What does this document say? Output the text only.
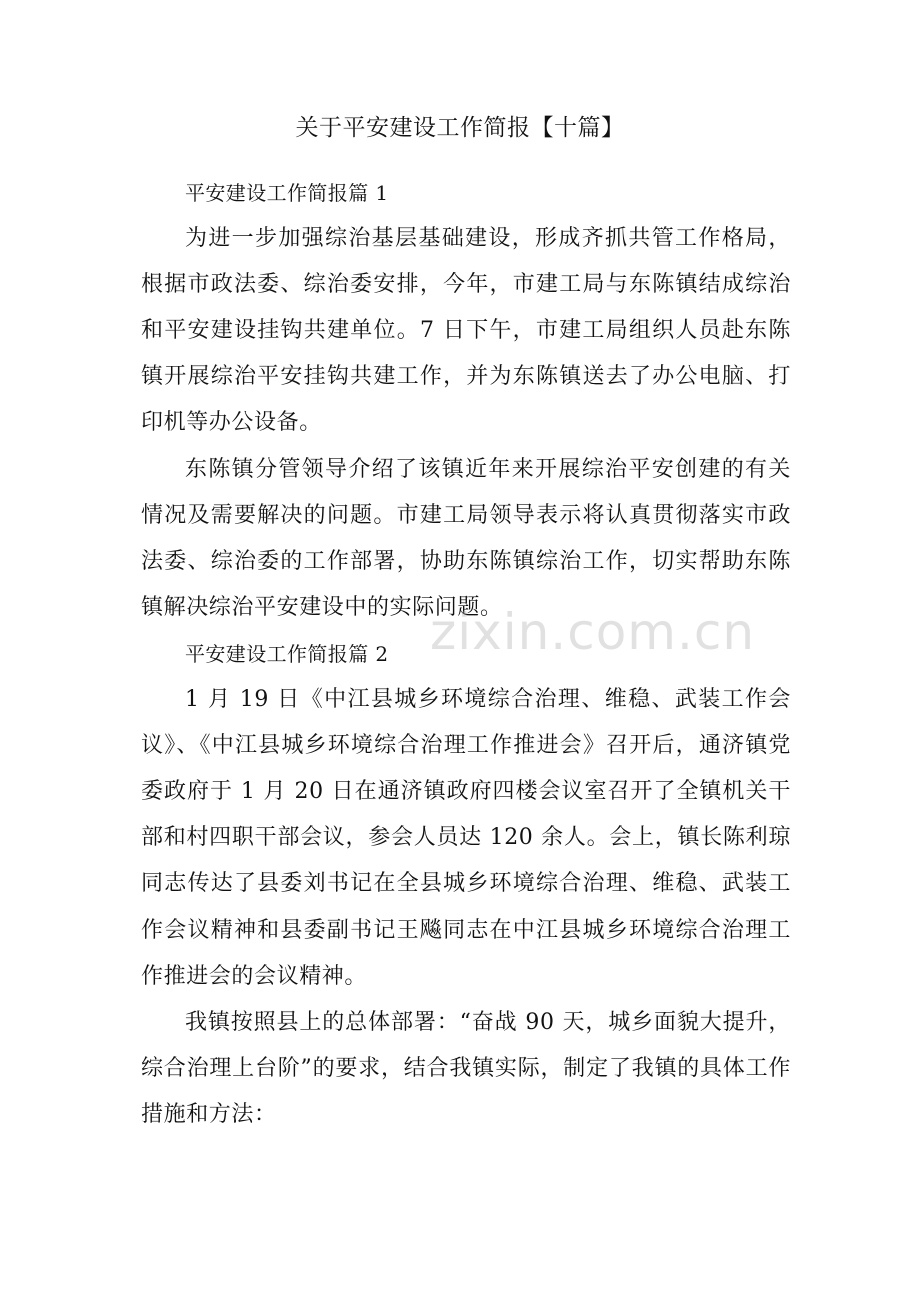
关于平安建设工作简报【十篇】
平安建设工作简报篇 1

为进一步加强综治基层基础建设，形成齐抓共管工作格局，根据市政法委、综治委安排，今年，市建工局与东陈镇结成综治和平安建设挂钩共建单位。7 日下午，市建工局组织人员赴东陈镇开展综治平安挂钩共建工作，并为东陈镇送去了办公电脑、打印机等办公设备。

东陈镇分管领导介绍了该镇近年来开展综治平安创建的有关情况及需要解决的问题。市建工局领导表示将认真贯彻落实市政法委、综治委的工作部署，协助东陈镇综治工作，切实帮助东陈镇解决综治平安建设中的实际问题。

平安建设工作简报篇 2

1 月 19 日《中江县城乡环境综合治理、维稳、武装工作会议》、《中江县城乡环境综合治理工作推进会》召开后，通济镇党委政府于 1 月 20 日在通济镇政府四楼会议室召开了全镇机关干部和村四职干部会议，参会人员达 120 余人。会上，镇长陈利琼同志传达了县委刘书记在全县城乡环境综合治理、维稳、武装工作会议精神和县委副书记王飚同志在中江县城乡环境综合治理工作推进会的会议精神。

我镇按照县上的总体部署：“奋战 90 天，城乡面貌大提升，综合治理上台阶”的要求，结合我镇实际，制定了我镇的具体工作措施和方法：

zixin.com.cn
